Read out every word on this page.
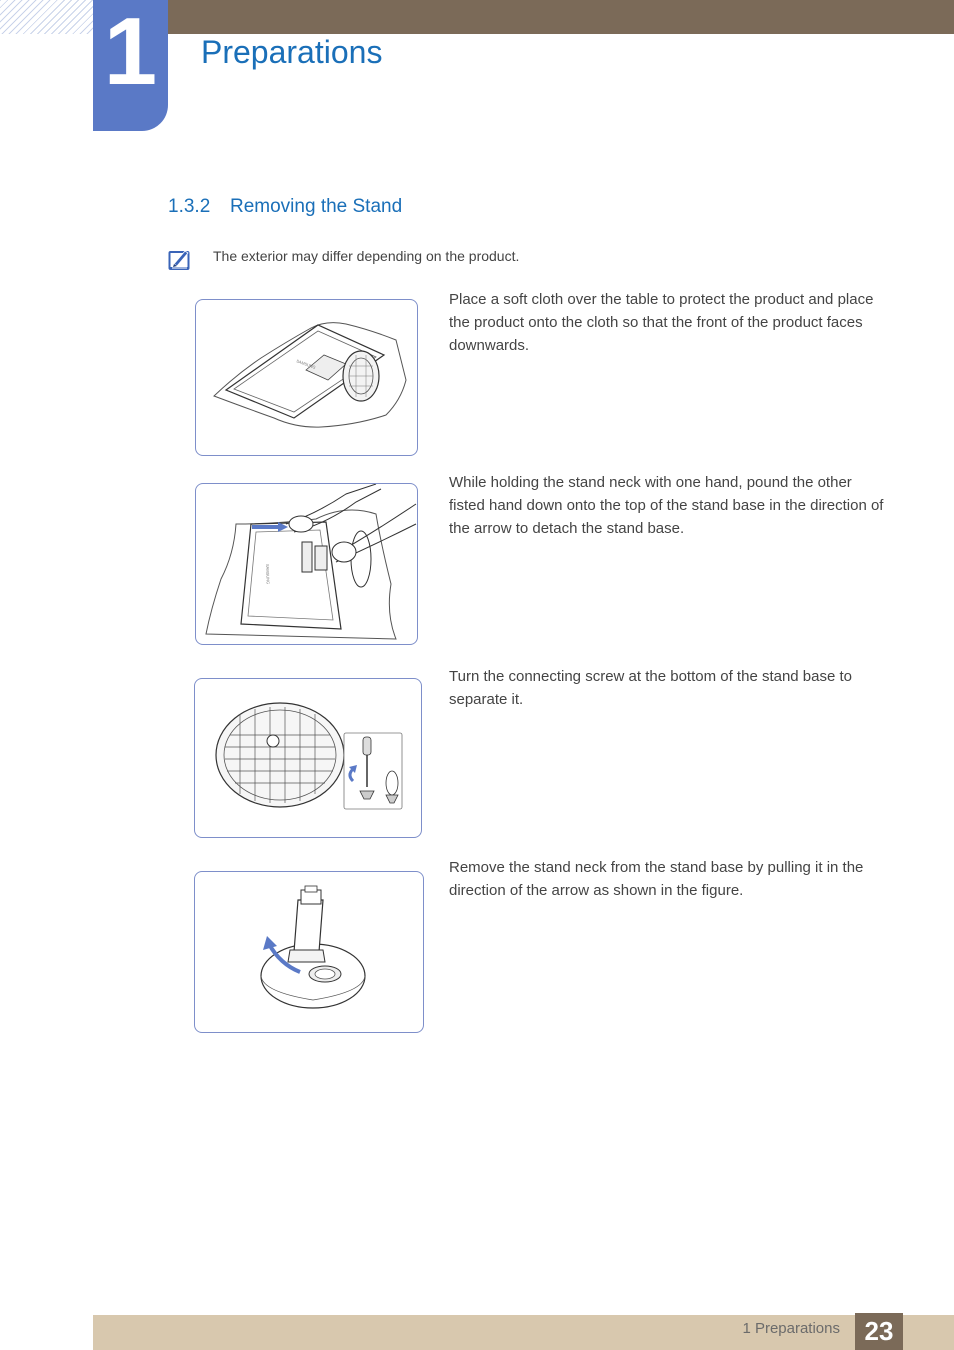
1	Preparations
1.3.2 Removing the Stand
The exterior may differ depending on the product.
SAMSUNG

Place a soft cloth over the table to protect the product and place the product onto the cloth so that the front of the product faces downwards.

SAMSUNG

While holding the stand neck with one hand, pound the other fisted hand down onto the top of the stand base in the direction of the arrow to detach the stand base.

Turn the connecting screw at the bottom of the stand base to separate it.

Remove the stand neck from the stand base by pulling it in the direction of the arrow as shown in the figure.

1 Preparations 23
